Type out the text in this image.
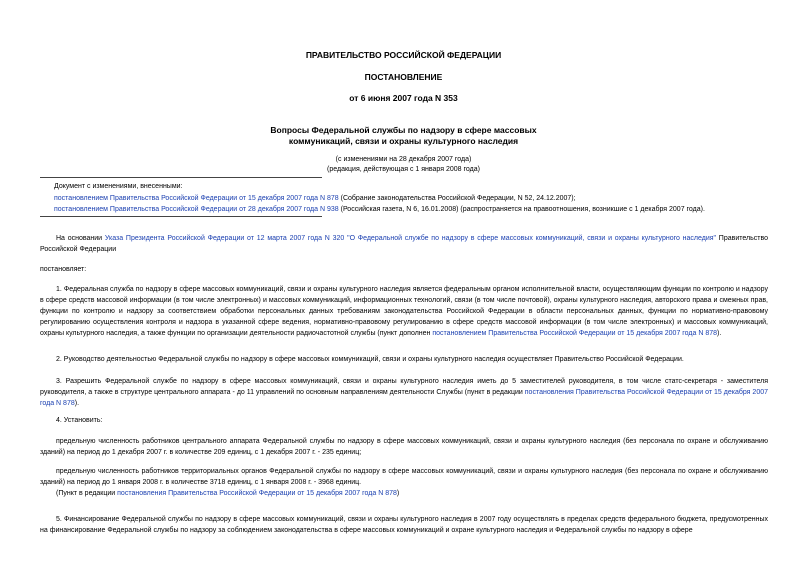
ПРАВИТЕЛЬСТВО РОССИЙСКОЙ ФЕДЕРАЦИИ
ПОСТАНОВЛЕНИЕ
от 6 июня 2007 года N 353
Вопросы Федеральной службы по надзору в сфере массовых
коммуникаций, связи и охраны культурного наследия
(с изменениями на 28 декабря 2007 года)
(редакция, действующая с 1 января 2008 года)
Документ с изменениями, внесенными:
постановлением Правительства Российской Федерации от 15 декабря 2007 года N 878 (Собрание законодательства Российской Федерации, N 52, 24.12.2007);
постановлением Правительства Российской Федерации от 28 декабря 2007 года N 938 (Российская газета, N 6, 16.01.2008) (распространяется на правоотношения, возникшие с 1 декабря 2007 года).
На основании Указа Президента Российской Федерации от 12 марта 2007 года N 320 "О Федеральной службе по надзору в сфере массовых коммуникаций, связи и охраны культурного наследия" Правительство Российской Федерации
постановляет:
1. Федеральная служба по надзору в сфере массовых коммуникаций, связи и охраны культурного наследия является федеральным органом исполнительной власти, осуществляющим функции по контролю и надзору в сфере средств массовой информации (в том числе электронных) и массовых коммуникаций, информационных технологий, связи (в том числе почтовой), охраны культурного наследия, авторского права и смежных прав, функции по контролю и надзору за соответствием обработки персональных данных требованиям законодательства Российской Федерации в области персональных данных, функции по нормативно-правовому регулированию осуществления контроля и надзора в указанной сфере ведения, нормативно-правовому регулированию в сфере средств массовой информации (в том числе электронных) и массовых коммуникаций, охраны культурного наследия, а также функции по организации деятельности радиочастотной службы (пункт дополнен постановлением Правительства Российской Федерации от 15 декабря 2007 года N 878).
2. Руководство деятельностью Федеральной службы по надзору в сфере массовых коммуникаций, связи и охраны культурного наследия осуществляет Правительство Российской Федерации.
3. Разрешить Федеральной службе по надзору в сфере массовых коммуникаций, связи и охраны культурного наследия иметь до 5 заместителей руководителя, в том числе статс-секретаря - заместителя руководителя, а также в структуре центрального аппарата - до 11 управлений по основным направлениям деятельности Службы (пункт в редакции постановления Правительства Российской Федерации от 15 декабря 2007 года N 878).
4. Установить:
предельную численность работников центрального аппарата Федеральной службы по надзору в сфере массовых коммуникаций, связи и охраны культурного наследия (без персонала по охране и обслуживанию зданий) на период до 1 декабря 2007 г. в количестве 209 единиц, с 1 декабря 2007 г. - 235 единиц;
предельную численность работников территориальных органов Федеральной службы по надзору в сфере массовых коммуникаций, связи и охраны культурного наследия (без персонала по охране и обслуживанию зданий) на период до 1 января 2008 г. в количестве 3718 единиц, с 1 января 2008 г. - 3968 единиц.
(Пункт в редакции постановления Правительства Российской Федерации от 15 декабря 2007 года N 878)
5. Финансирование Федеральной службы по надзору в сфере массовых коммуникаций, связи и охраны культурного наследия в 2007 году осуществлять в пределах средств федерального бюджета, предусмотренных на финансирование Федеральной службы по надзору за соблюдением законодательства в сфере массовых коммуникаций и охране культурного наследия и Федеральной службы по надзору в сфере
